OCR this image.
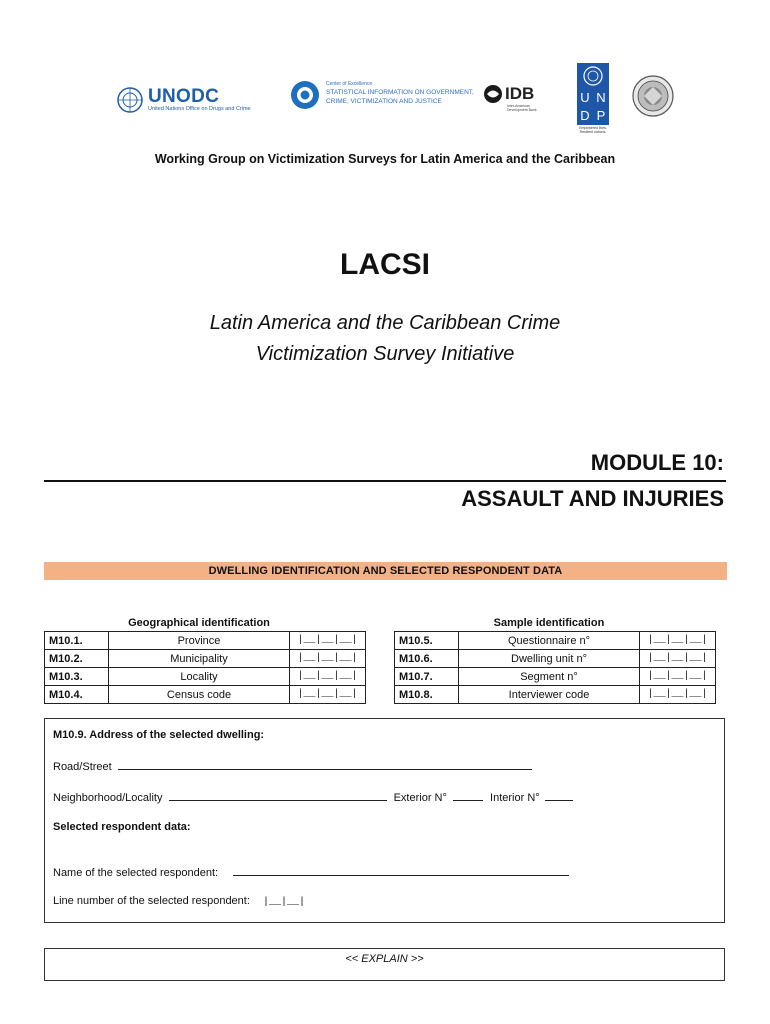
UNODC
United Nations Office on Drugs and Crime
Center of Excellence
STATISTICAL INFORMATION ON GOVERNMENT,
CRIME, VICTIMIZATION AND JUSTICE	IDB
Inter-American Development Bank
U N
D P
Empowered lives. Resilient nations.
Working Group on Victimization Surveys for Latin America and the Caribbean
LACSI
Latin America and the Caribbean Crime
Victimization Survey Initiative
MODULE 10:
ASSAULT AND INJURIES
DWELLING IDENTIFICATION AND SELECTED RESPONDENT DATA
	Geographical identification	
M10.1.	Province	|__|__|__|
M10.2.	Municipality	|__|__|__|
M10.3.	Locality	|__|__|__|
M10.4.	Census code	|__|__|__|
	Sample identification	
M10.5.	Questionnaire n°	|__|__|__|
M10.6.	Dwelling unit n°	|__|__|__|
M10.7.	Segment n°	|__|__|__|
M10.8.	Interviewer code	|__|__|__|
M10.9. Address of the selected dwelling:
Road/Street
Neighborhood/Locality	Exterior N°	Interior N°
Selected respondent data:
Name of the selected respondent:
Line number of the selected respondent: |__|__|
<< EXPLAIN >>
